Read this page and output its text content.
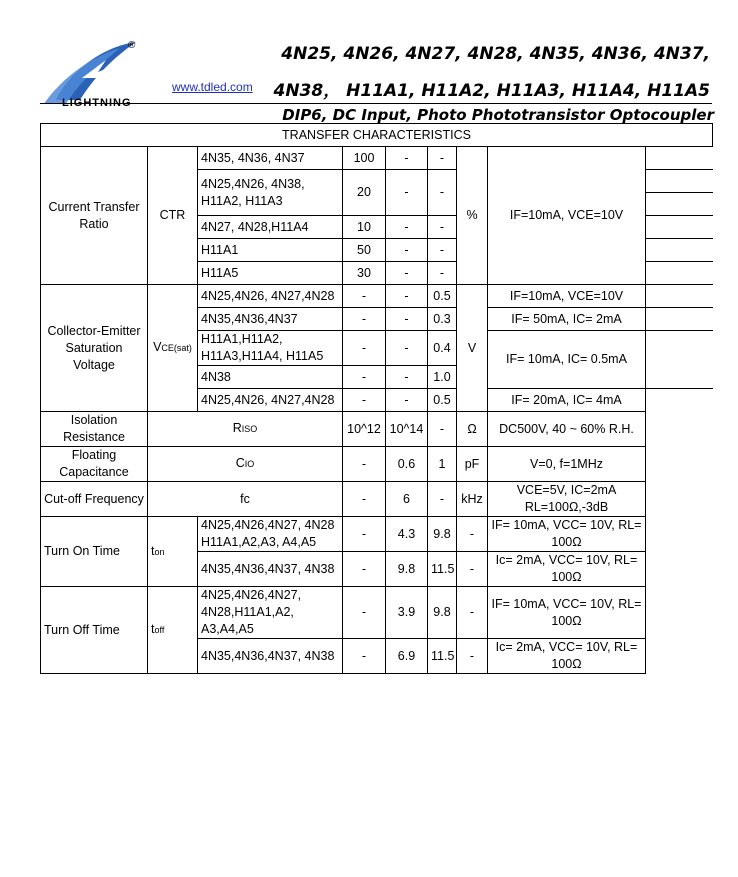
®
LIGHTNING
4N25, 4N26, 4N27, 4N28, 4N35, 4N36, 4N37,
www.tdled.com 4N38， H11A1, H11A2, H11A3, H11A4, H11A5
DIP6, DC Input, Photo Phototransistor Optocoupler
TRANSFER CHARACTERISTICS								
Current Transfer Ratio	CTR	4N35, 4N36, 4N37	100	-	-	%	IF=10mA, VCE=10V	
		4N25,4N26, 4N38, H11A2, H11A3	20	-	-			

		4N27, 4N28,H11A4	10	-	-			
		H11A1	50	-	-			
		H11A5	30	-	-			
Collector-Emitter Saturation Voltage	VCE(sat)	4N25,4N26, 4N27,4N28	-	-	0.5	V	IF=10mA, VCE=10V	

		4N35,4N36,4N37	-	-	0.3		IF= 50mA, IC= 2mA	
		H11A1,H11A2, H11A3,H11A4, H11A5	-	-	0.4		IF= 10mA, IC= 0.5mA	

		4N38	-	-	1.0			
		4N25,4N26, 4N27,4N28	-	-	0.5		IF= 20mA, IC= 4mA	

Isolation Resistance	RISO		10^12	10^14	-	Ω	DC500V, 40 ~ 60% R.H.	

Floating Capacitance	CIO		-	0.6	1	pF	V=0, f=1MHz	

Cut-off Frequency	fc		-	6	-	kHz	VCE=5V, IC=2mA RL=100Ω,-3dB	

Turn On Time	ton	4N25,4N26,4N27, 4N28 H11A1,A2,A3, A4,A5	-	4.3	9.8	-	IF= 10mA, VCC= 10V, RL= 100Ω	

		4N35,4N36,4N37, 4N38	-	9.8	11.5	-	Ic= 2mA, VCC= 10V, RL= 100Ω	

Turn Off Time	toff	4N25,4N26,4N27, 4N28,H11A1,A2, A3,A4,A5	-	3.9	9.8	-	IF= 10mA, VCC= 10V, RL= 100Ω	

		4N35,4N36,4N37, 4N38	-	6.9	11.5	-	Ic= 2mA, VCC= 10V, RL= 100Ω	
